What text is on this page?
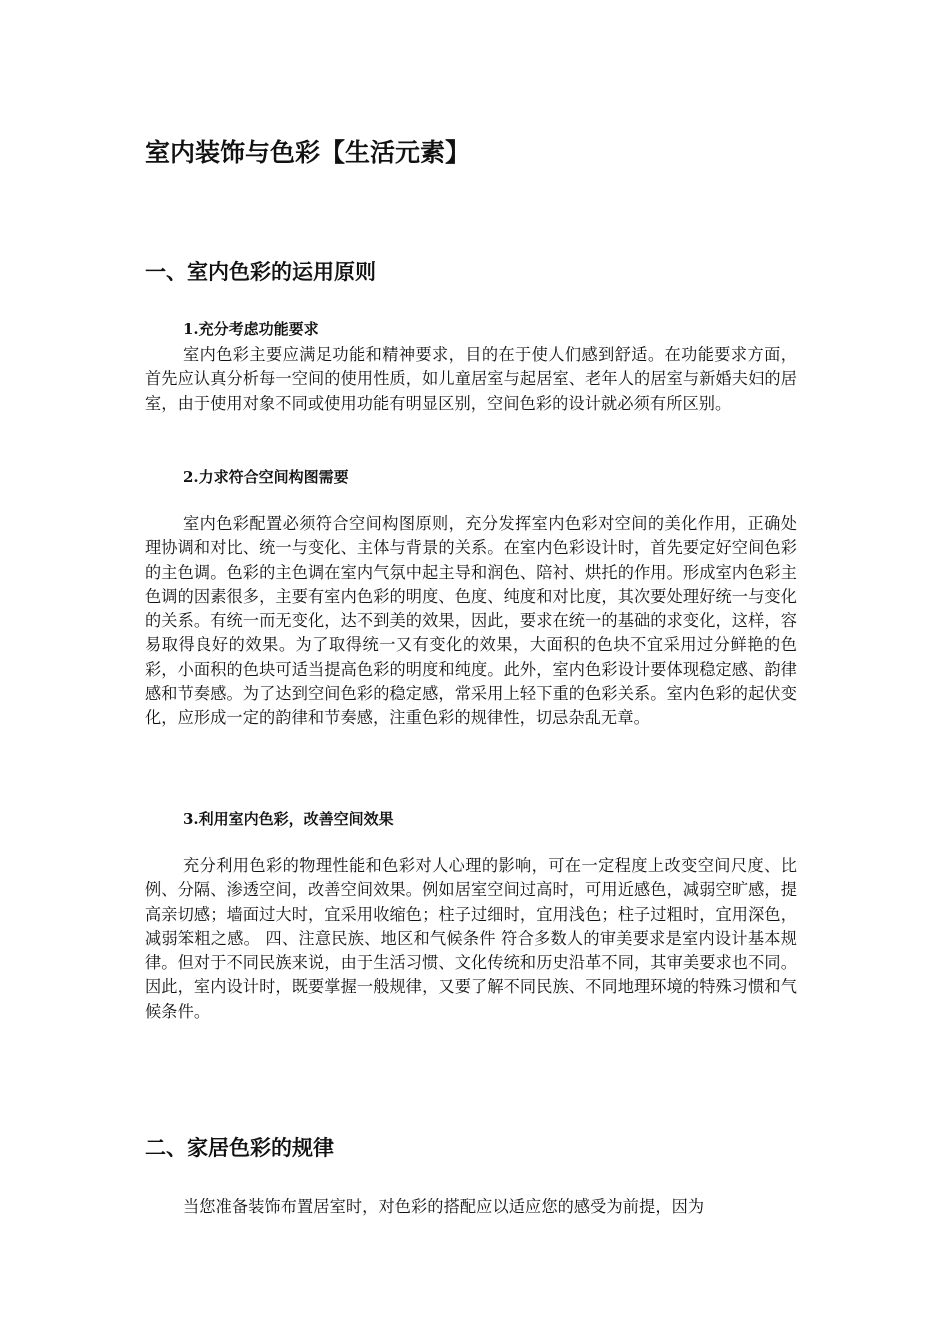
室内装饰与色彩【生活元素】
一、室内色彩的运用原则
1.充分考虑功能要求

室内色彩主要应满足功能和精神要求，目的在于使人们感到舒适。在功能要求方面，首先应认真分析每一空间的使用性质，如儿童居室与起居室、老年人的居室与新婚夫妇的居室，由于使用对象不同或使用功能有明显区别，空间色彩的设计就必须有所区别。

2.力求符合空间构图需要

室内色彩配置必须符合空间构图原则，充分发挥室内色彩对空间的美化作用，正确处理协调和对比、统一与变化、主体与背景的关系。在室内色彩设计时，首先要定好空间色彩的主色调。色彩的主色调在室内气氛中起主导和润色、陪衬、烘托的作用。形成室内色彩主色调的因素很多，主要有室内色彩的明度、色度、纯度和对比度，其次要处理好统一与变化的关系。有统一而无变化，达不到美的效果，因此，要求在统一的基础的求变化，这样，容易取得良好的效果。为了取得统一又有变化的效果，大面积的色块不宜采用过分鲜艳的色彩，小面积的色块可适当提高色彩的明度和纯度。此外，室内色彩设计要体现稳定感、韵律感和节奏感。为了达到空间色彩的稳定感，常采用上轻下重的色彩关系。室内色彩的起伏变化，应形成一定的韵律和节奏感，注重色彩的规律性，切忌杂乱无章。

3.利用室内色彩，改善空间效果

充分利用色彩的物理性能和色彩对人心理的影响，可在一定程度上改变空间尺度、比例、分隔、渗透空间，改善空间效果。例如居室空间过高时，可用近感色，减弱空旷感，提高亲切感；墙面过大时，宜采用收缩色；柱子过细时，宜用浅色；柱子过粗时，宜用深色，减弱笨粗之感。 四、注意民族、地区和气候条件 符合多数人的审美要求是室内设计基本规律。但对于不同民族来说，由于生活习惯、文化传统和历史沿革不同，其审美要求也不同。因此，室内设计时，既要掌握一般规律，又要了解不同民族、不同地理环境的特殊习惯和气候条件。

二、家居色彩的规律

当您准备装饰布置居室时，对色彩的搭配应以适应您的感受为前提，因为
